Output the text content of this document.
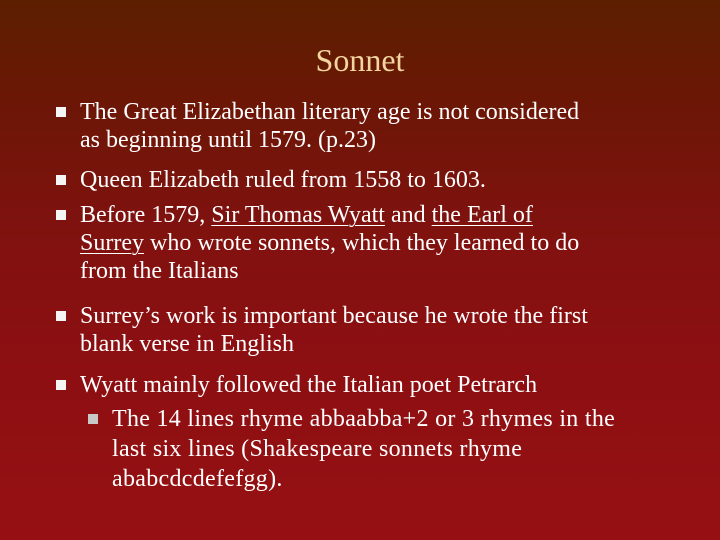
Sonnet
The Great Elizabethan literary age is not considered
as beginning until 1579. (p.23)
Queen Elizabeth ruled from 1558 to 1603.
Before 1579, Sir Thomas Wyatt and the Earl of
Surrey who wrote sonnets, which they learned to do
from the Italians
Surrey’s work is important because he wrote the first
blank verse in English
Wyatt mainly followed the Italian poet Petrarch
The 14 lines rhyme abbaabba+2 or 3 rhymes in the
last six lines (Shakespeare sonnets rhyme
ababcdcdefefgg).
